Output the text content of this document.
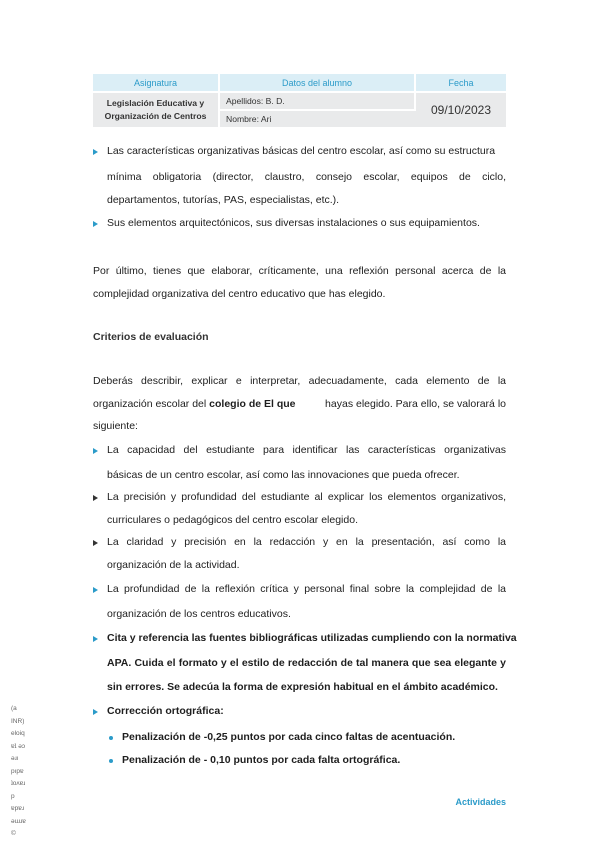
Asignatura	Datos del alumno	Fecha

Legislación Educativa y
Organización de Centros	Apellidos: B. D.	09/10/2023
	Nombre: Ari	
Las características organizativas básicas del centro escolar, así como su estructura
mínima obligatoria (director, claustro, consejo escolar, equipos de ciclo,
departamentos, tutorías, PAS, especialistas, etc.).
Sus elementos arquitectónicos, sus diversas instalaciones o sus equipamientos.
Por último, tienes que elaborar, críticamente, una reflexión personal acerca de la
complejidad organizativa del centro educativo que has elegido.
Criterios de evaluación
Deberás describir, explicar e interpretar, adecuadamente, cada elemento de la
organización escolar del colegio de El que	hayas elegido. Para ello, se valorará lo
siguiente:
La capacidad del estudiante para identificar las características organizativas
básicas de un centro escolar, así como las innovaciones que pueda ofrecer.
La precisión y profundidad del estudiante al explicar los elementos organizativos,
curriculares o pedagógicos del centro escolar elegido.
La claridad y precisión en la redacción y en la presentación, así como la
organización de la actividad.
La profundidad de la reflexión crítica y personal final sobre la complejidad de la
organización de los centros educativos.
Cita y referencia las fuentes bibliográficas utilizadas cumpliendo con la normativa
APA. Cuida el formato y el estilo de redacción de tal manera que sea elegante y
sin errores. Se adecúa la forma de expresión habitual en el ámbito académico.
Corrección ortográfica:
Penalización de -0,25 puntos por cada cinco faltas de acentuación.
Penalización de - 0,10 puntos por cada falta ortográfica.
(a
INR)
eloiq
ɐʇ ǝɔ
ǝɹı
pıpɐ
ʇoʌɐɹ
p
ɐpɐɹ
ǝɯɹɐ
©
Actividades
